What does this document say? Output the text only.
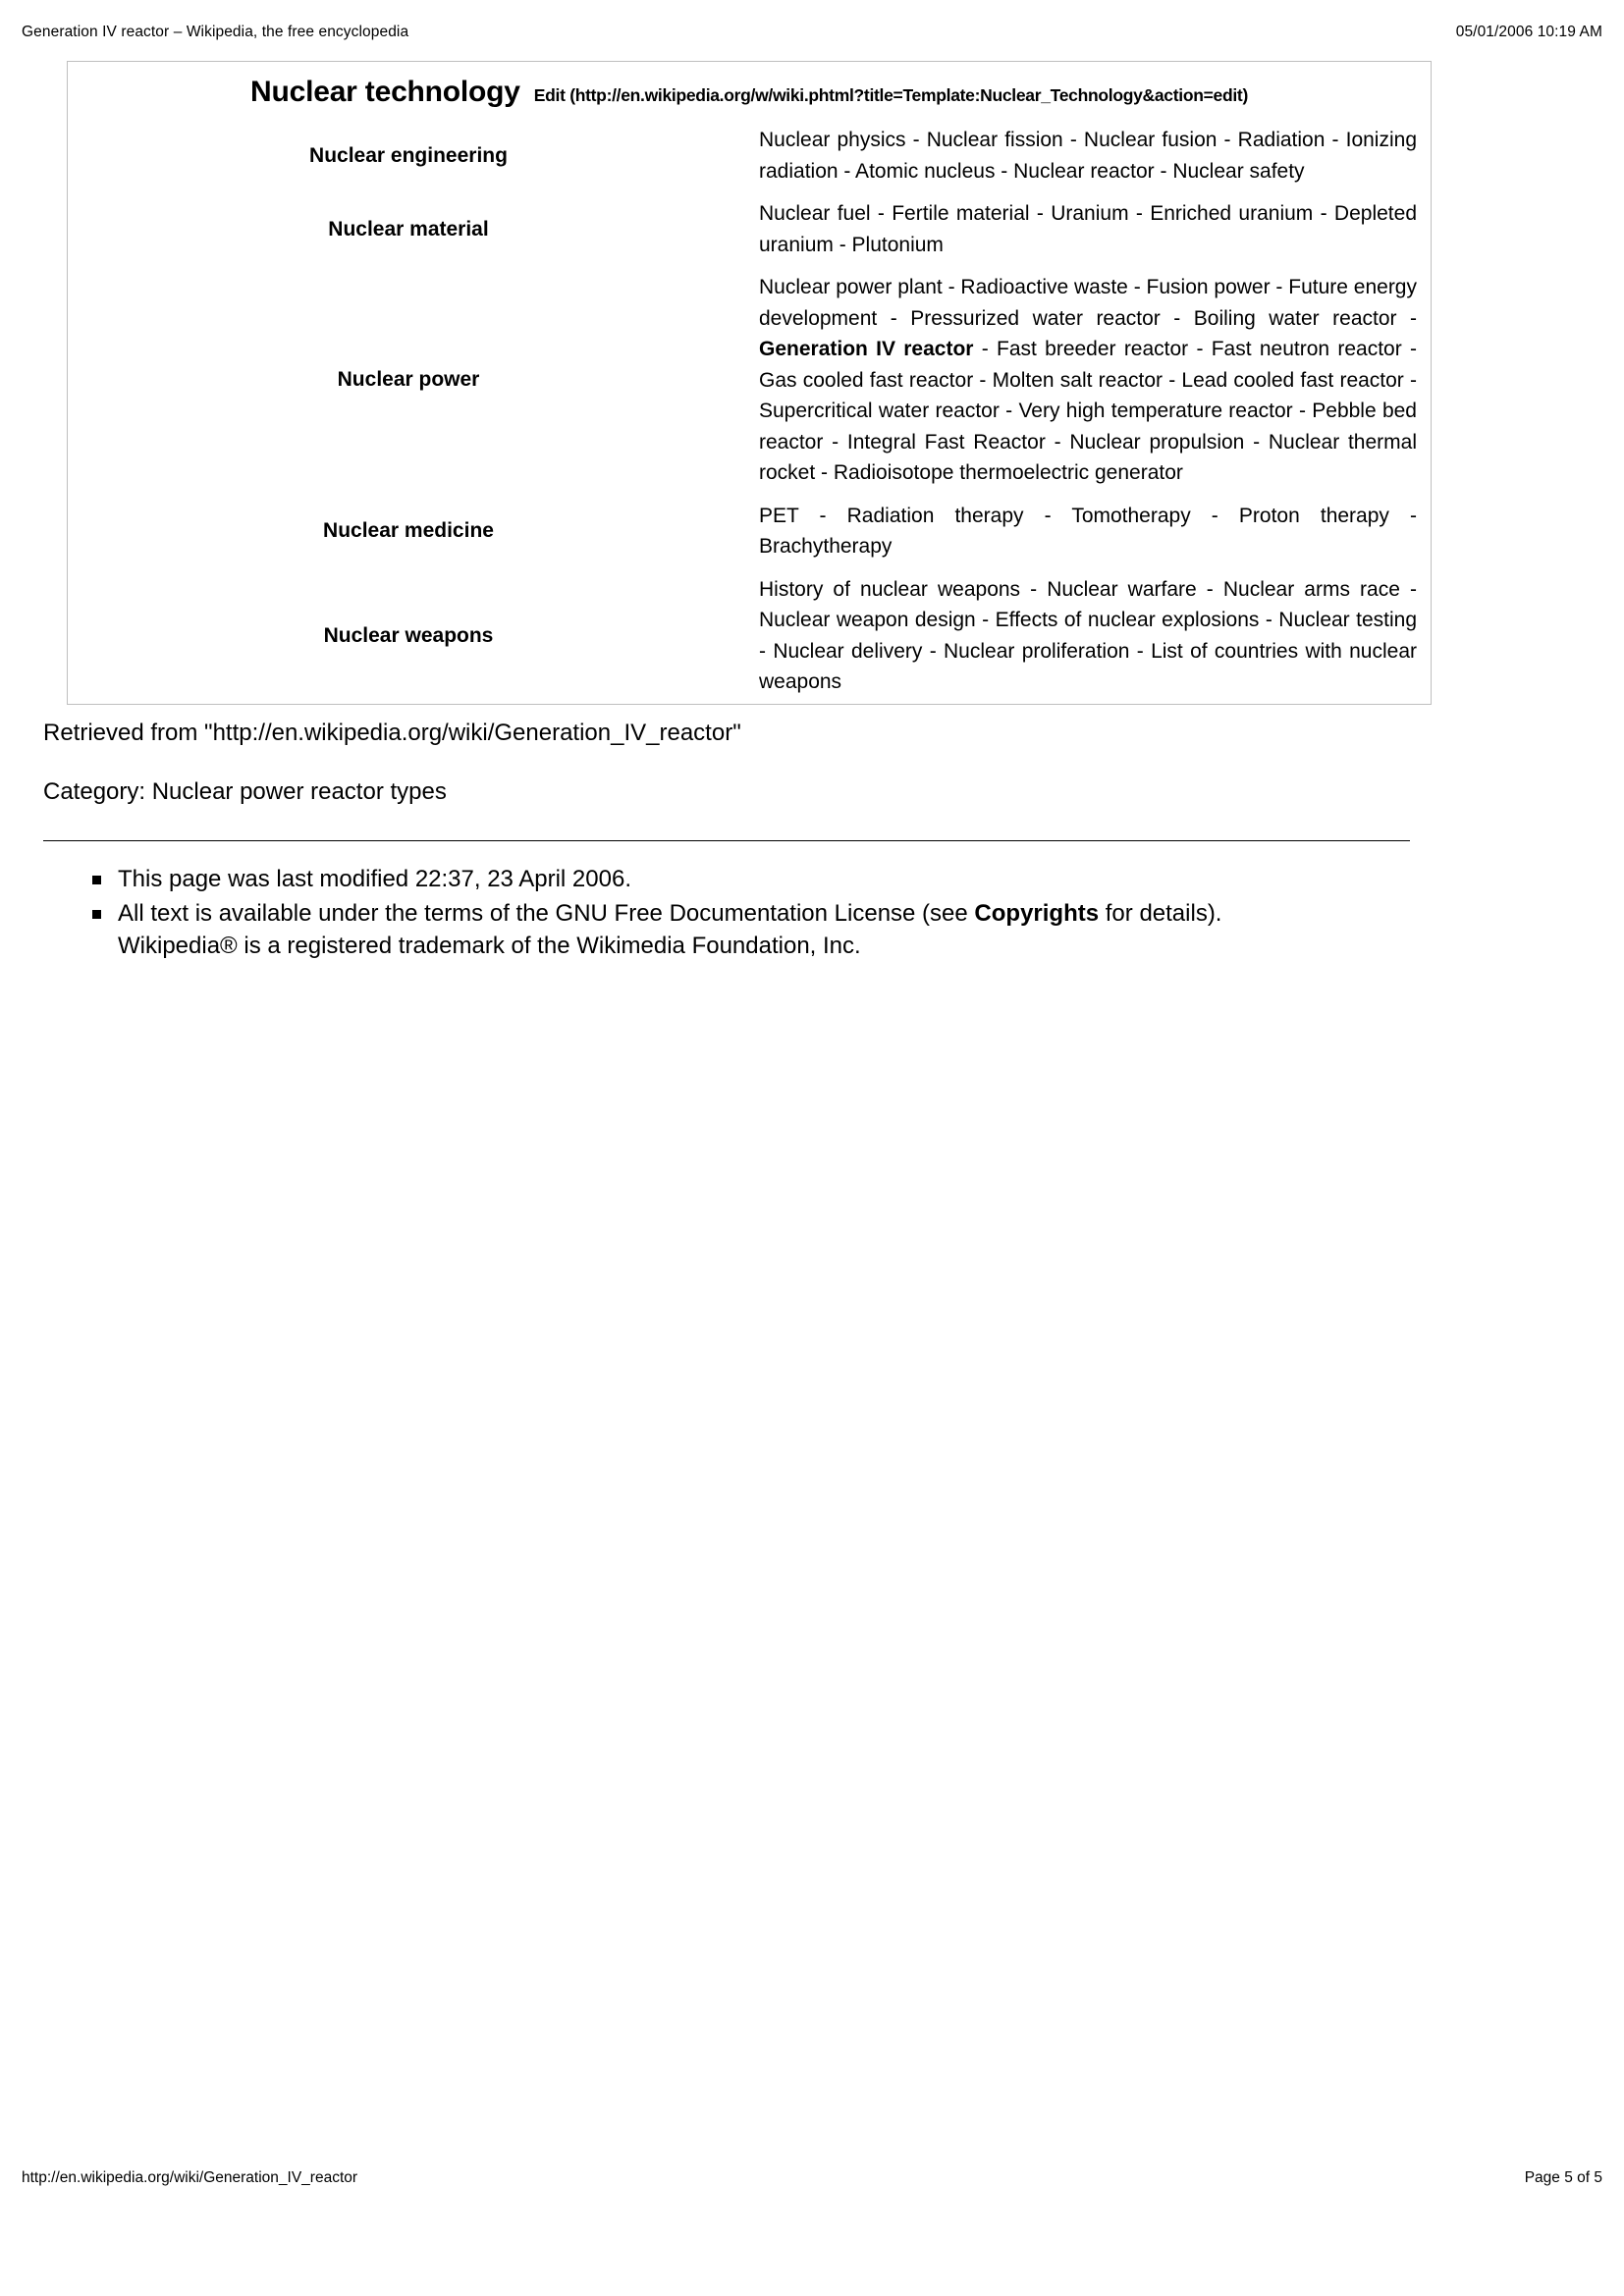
Generation IV reactor – Wikipedia, the free encyclopedia	05/01/2006 10:19 AM
Nuclear technology Edit (http://en.wikipedia.org/w/wiki.phtml?title=Template:Nuclear_Technology&action=edit)	
Nuclear engineering	Nuclear physics - Nuclear fission - Nuclear fusion - Radiation - Ionizing radiation - Atomic nucleus - Nuclear reactor - Nuclear safety
Nuclear material	Nuclear fuel - Fertile material - Uranium - Enriched uranium - Depleted uranium - Plutonium
Nuclear power	Nuclear power plant - Radioactive waste - Fusion power - Future energy development - Pressurized water reactor - Boiling water reactor - Generation IV reactor - Fast breeder reactor - Fast neutron reactor - Gas cooled fast reactor - Molten salt reactor - Lead cooled fast reactor - Supercritical water reactor - Very high temperature reactor - Pebble bed reactor - Integral Fast Reactor - Nuclear propulsion - Nuclear thermal rocket - Radioisotope thermoelectric generator
Nuclear medicine	PET - Radiation therapy - Tomotherapy - Proton therapy - Brachytherapy
Nuclear weapons	History of nuclear weapons - Nuclear warfare - Nuclear arms race - Nuclear weapon design - Effects of nuclear explosions - Nuclear testing - Nuclear delivery - Nuclear proliferation - List of countries with nuclear weapons
Retrieved from "http://en.wikipedia.org/wiki/Generation_IV_reactor"
Category: Nuclear power reactor types
This page was last modified 22:37, 23 April 2006.
All text is available under the terms of the GNU Free Documentation License (see Copyrights for details).
Wikipedia® is a registered trademark of the Wikimedia Foundation, Inc.
http://en.wikipedia.org/wiki/Generation_IV_reactor	Page 5 of 5
